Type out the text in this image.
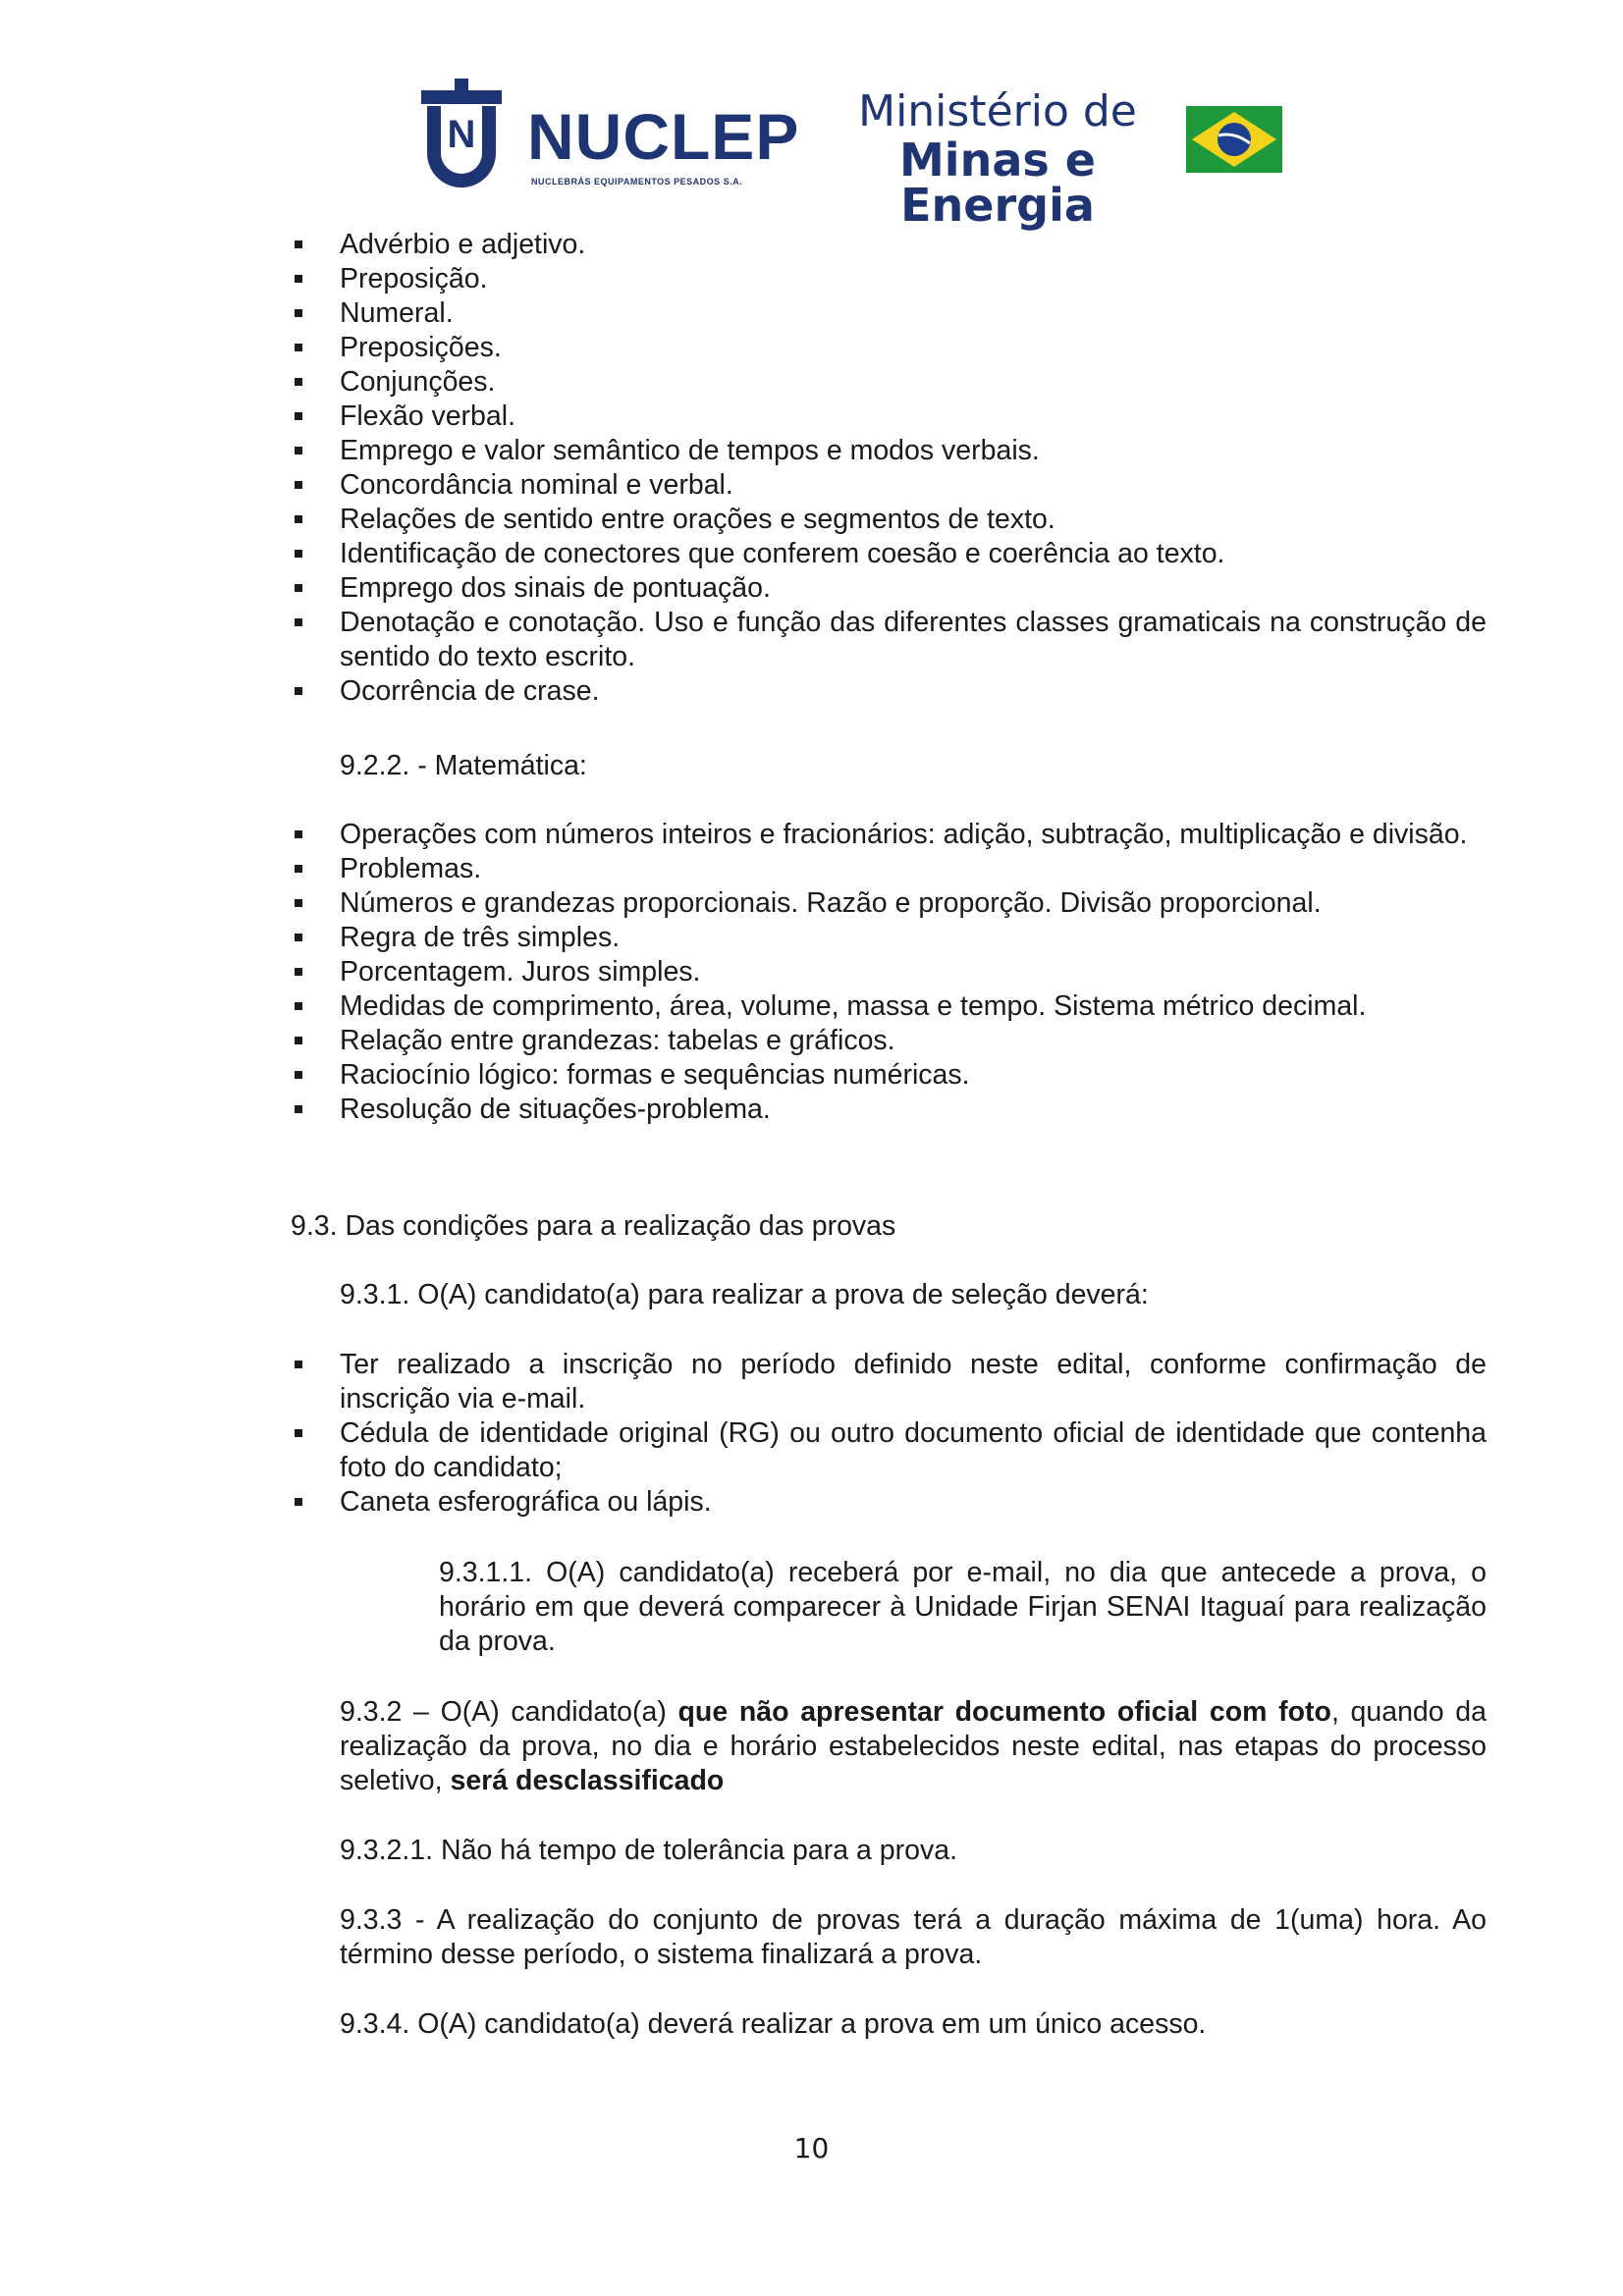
N NUCLEP
NUCLEBRÁS EQUIPAMENTOS PESADOS S.A.
Ministério de
Minas e Energia
Advérbio e adjetivo.
Preposição.
Numeral.
Preposições.
Conjunções.
Flexão verbal.
Emprego e valor semântico de tempos e modos verbais.
Concordância nominal e verbal.
Relações de sentido entre orações e segmentos de texto.
Identificação de conectores que conferem coesão e coerência ao texto.
Emprego dos sinais de pontuação.
Denotação e conotação. Uso e função das diferentes classes gramaticais na construção de sentido do texto escrito.
Ocorrência de crase.
9.2.2. - Matemática:
Operações com números inteiros e fracionários: adição, subtração, multiplicação e divisão.
Problemas.
Números e grandezas proporcionais. Razão e proporção. Divisão proporcional.
Regra de três simples.
Porcentagem. Juros simples.
Medidas de comprimento, área, volume, massa e tempo. Sistema métrico decimal.
Relação entre grandezas: tabelas e gráficos.
Raciocínio lógico: formas e sequências numéricas.
Resolução de situações-problema.
9.3. Das condições para a realização das provas
9.3.1. O(A) candidato(a) para realizar a prova de seleção deverá:
Ter realizado a inscrição no período definido neste edital, conforme confirmação de inscrição via e-mail.
Cédula de identidade original (RG) ou outro documento oficial de identidade que contenha foto do candidato;
Caneta esferográfica ou lápis.
9.3.1.1. O(A) candidato(a) receberá por e-mail, no dia que antecede a prova, o horário em que deverá comparecer à Unidade Firjan SENAI Itaguaí para realização da prova.
9.3.2 – O(A) candidato(a) que não apresentar documento oficial com foto, quando da realização da prova, no dia e horário estabelecidos neste edital, nas etapas do processo seletivo, será desclassificado
9.3.2.1. Não há tempo de tolerância para a prova.
9.3.3 - A realização do conjunto de provas terá a duração máxima de 1(uma) hora. Ao término desse período, o sistema finalizará a prova.
9.3.4. O(A) candidato(a) deverá realizar a prova em um único acesso.
10
